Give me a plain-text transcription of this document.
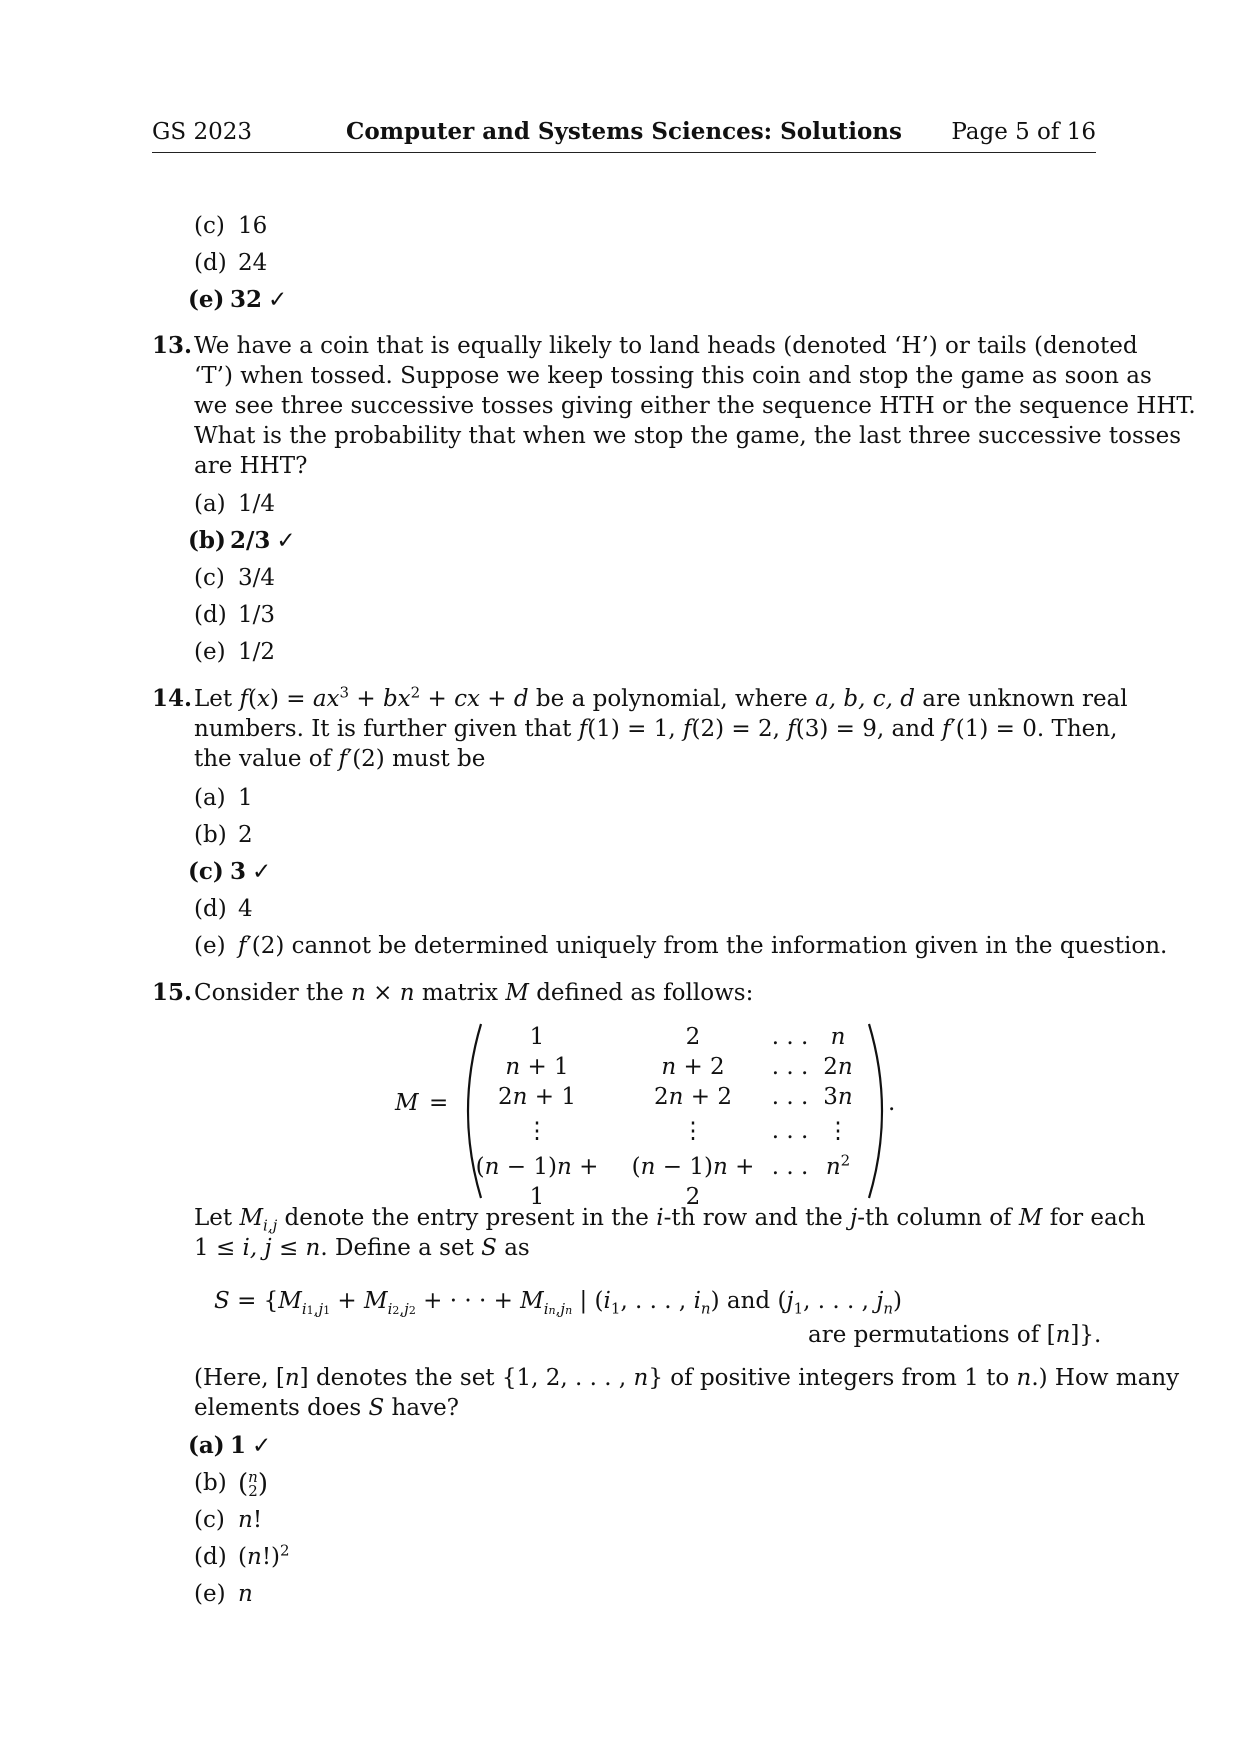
GS 2023	Computer and Systems Sciences: Solutions	Page 5 of 16
(c) 16
(d) 24
(e) 32 ✓
13. We have a coin that is equally likely to land heads (denoted ‘H’) or tails (denoted
‘T’) when tossed. Suppose we keep tossing this coin and stop the game as soon as
we see three successive tosses giving either the sequence HTH or the sequence HHT.
What is the probability that when we stop the game, the last three successive tosses
are HHT?
(a) 1/4
(b) 2/3 ✓
(c) 3/4
(d) 1/3
(e) 1/2
14. Let $f(x) = ax^3 + bx^2$ + cx + d be a polynomial, where a, b, c, d are unknown real
numbers. It is further given that f(1) = 1, f(2) = 2, f(3) = 9, and f′(1) = 0. Then,
the value of f′(2) must be
(a) 1
(b) 2
(c) 3 ✓
(d) 4
(e) f′(2) cannot be determined uniquely from the information given in the question.
15. Consider the n × n matrix M defined as follows:
M =
1
n + 1
2n + 1
⋮
(n − 1)n + 1
2
n + 2
2n + 2
⋮
(n − 1)n + 2
. . .
. . .
. . .
. . .
. . .
n
2n
3n
⋮
$n^2$
.
Let $M_{i,j}$ denote the entry present in the i-th row and the j-th column of M for each
1 ≤ i, j ≤ n. Define a set S as
$S = \{M_{i1,j1} + M_{i2,j2}$ + · · · + $M_{in,jn}$ | ($i_1$, . . . , $i_n$) and ($j_1$, . . . , $j_n$)
are permutations of [n]}.
(Here, [n] denotes the set {1, 2, . . . , n} of positive integers from 1 to n.) How many
elements does S have?
(a) 1 ✓
(b) (n
2)
(c) n!
(d) $(n!)^2$
(e) n
